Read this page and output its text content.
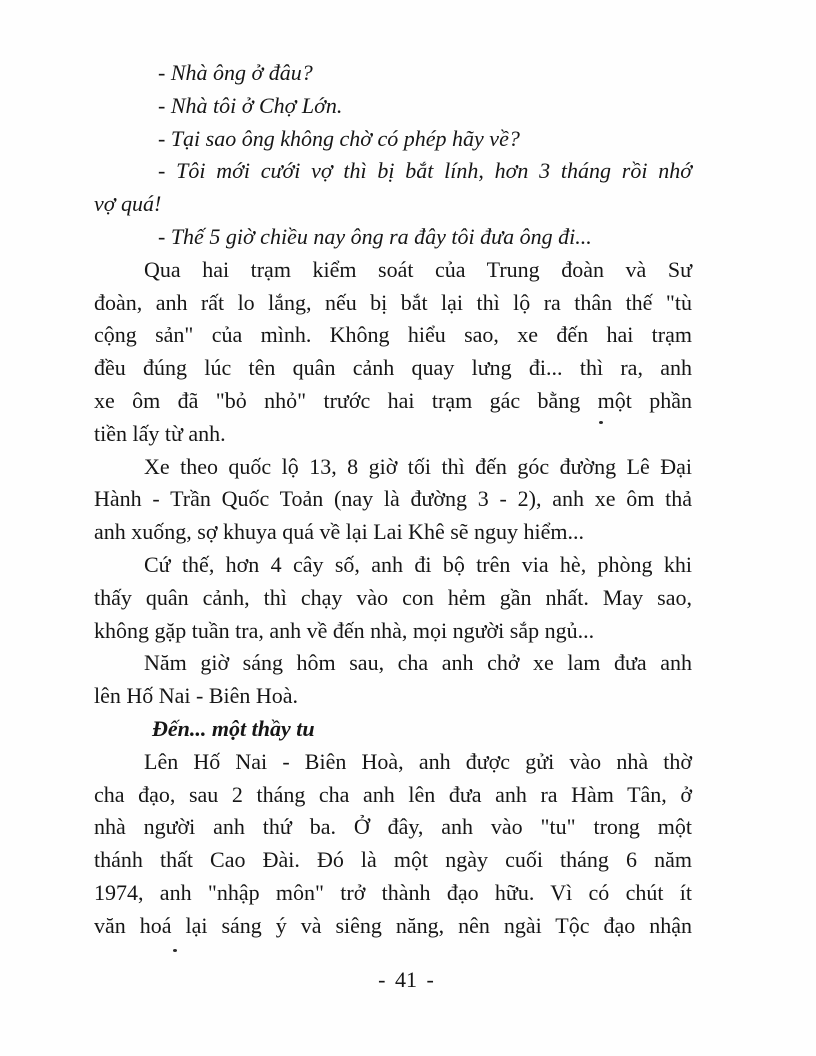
- Nhà ông ở đâu?
- Nhà tôi ở Chợ Lớn.
- Tại sao ông không chờ có phép hãy về?
- Tôi mới cưới vợ thì bị bắt lính, hơn 3 tháng rồi nhớ
vợ quá!
- Thế 5 giờ chiều nay ông ra đây tôi đưa ông đi...
Qua hai trạm kiểm soát của Trung đoàn và Sư
đoàn, anh rất lo lắng, nếu bị bắt lại thì lộ ra thân thế "tù
cộng sản" của mình. Không hiểu sao, xe đến hai trạm
đều đúng lúc tên quân cảnh quay lưng đi... thì ra, anh
xe ôm đã "bỏ nhỏ" trước hai trạm gác bằng một phần
tiền lấy từ anh.
Xe theo quốc lộ 13, 8 giờ tối thì đến góc đường Lê Đại
Hành - Trần Quốc Toản (nay là đường 3 - 2), anh xe ôm thả
anh xuống, sợ khuya quá về lại Lai Khê sẽ nguy hiểm...
Cứ thế, hơn 4 cây số, anh đi bộ trên via hè, phòng khi
thấy quân cảnh, thì chạy vào con hẻm gần nhất. May sao,
không gặp tuần tra, anh về đến nhà, mọi người sắp ngủ...
Năm giờ sáng hôm sau, cha anh chở xe lam đưa anh
lên Hố Nai - Biên Hoà.
Đến... một thầy tu
Lên Hố Nai - Biên Hoà, anh được gửi vào nhà thờ
cha đạo, sau 2 tháng cha anh lên đưa anh ra Hàm Tân, ở
nhà người anh thứ ba. Ở đây, anh vào "tu" trong một
thánh thất Cao Đài. Đó là một ngày cuối tháng 6 năm
1974, anh "nhập môn" trở thành đạo hữu. Vì có chút ít
văn hoá lại sáng ý và siêng năng, nên ngài Tộc đạo nhận
- 41 -
